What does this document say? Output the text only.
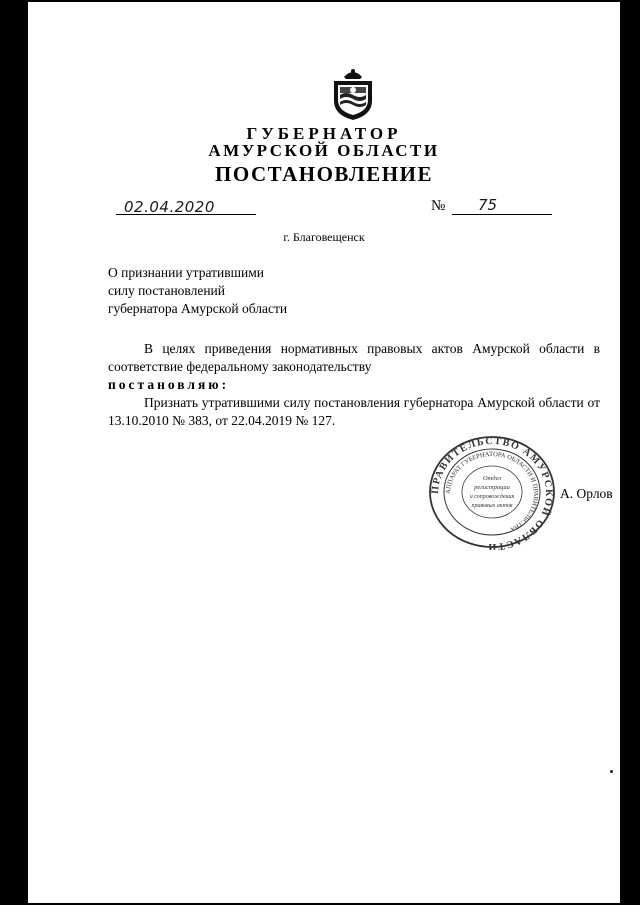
ГУБЕРНАТОР
АМУРСКОЙ ОБЛАСТИ
ПОСТАНОВЛЕНИЕ
02.04.2020	№ 75
г. Благовещенск
О признании утратившими
силу постановлений
губернатора Амурской области
В целях приведения нормативных правовых актов Амурской области в соответствие федеральному законодательству
постановляю:
Признать утратившими силу постановления губернатора Амурской области от 13.10.2010 № 383, от 22.04.2019 № 127.
ПРАВИТЕЛЬСТВО АМУРСКОЙ ОБЛАСТИ
АППАРАТ ГУБЕРНАТОРА ОБЛАСТИ И ПРАВИТЕЛЬСТВА
Отдел
регистрации
и сопровождения
правовых актов
А. Орлов
